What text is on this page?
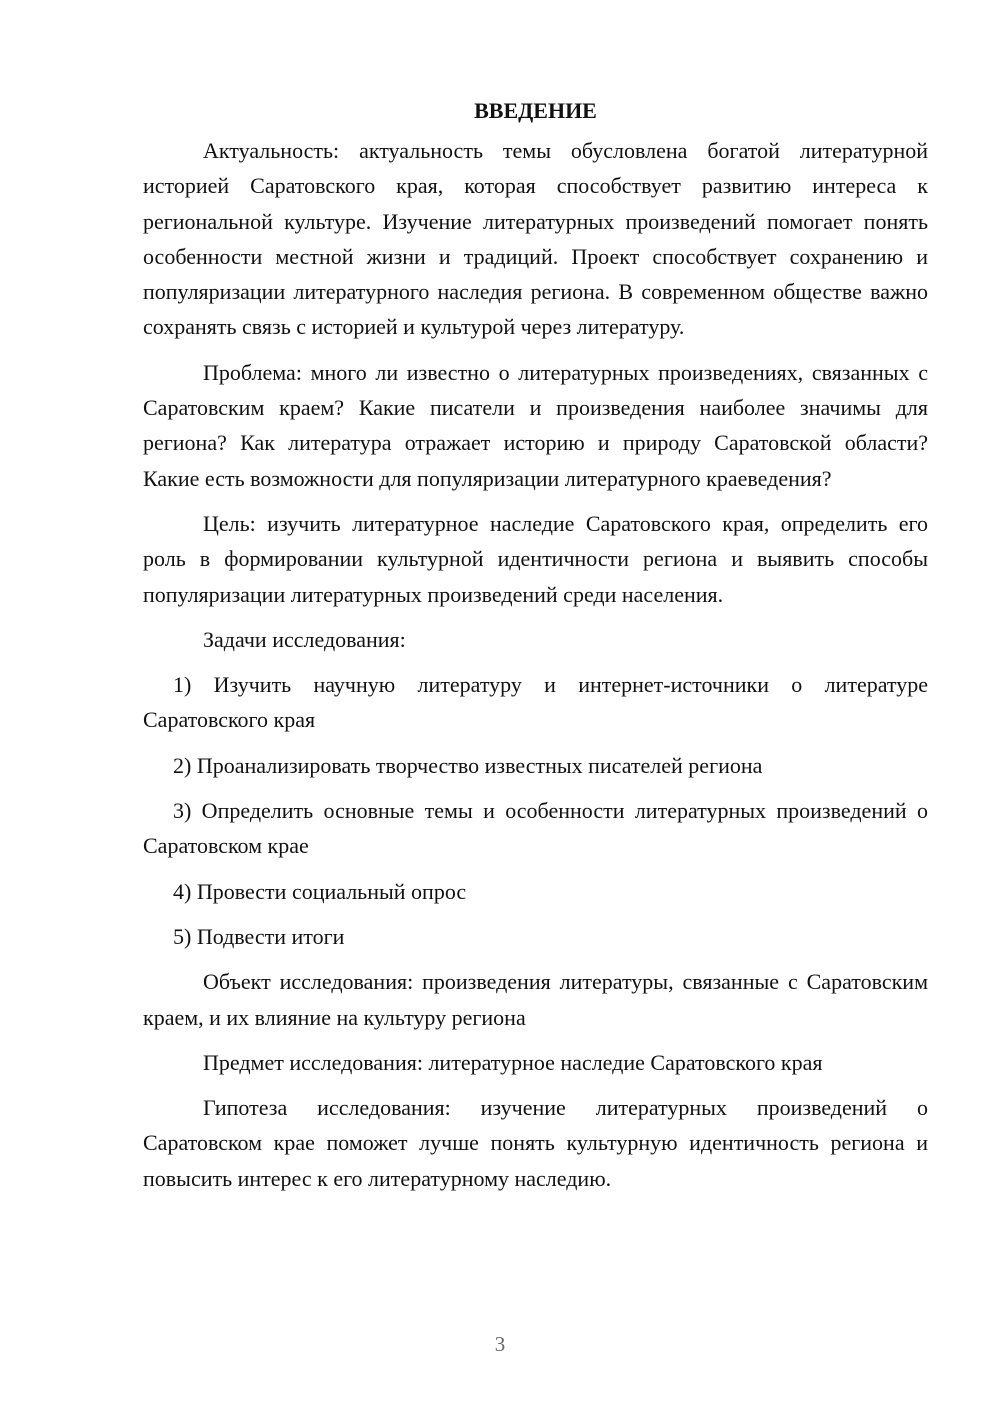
ВВЕДЕНИЕ

Актуальность: актуальность темы обусловлена богатой литературной историей Саратовского края, которая способствует развитию интереса к региональной культуре. Изучение литературных произведений помогает понять особенности местной жизни и традиций. Проект способствует сохранению и популяризации литературного наследия региона. В современном обществе важно сохранять связь с историей и культурой через литературу.

Проблема: много ли известно о литературных произведениях, связанных с Саратовским краем? Какие писатели и произведения наиболее значимы для региона? Как литература отражает историю и природу Саратовской области? Какие есть возможности для популяризации литературного краеведения?

Цель: изучить литературное наследие Саратовского края, определить его роль в формировании культурной идентичности региона и выявить способы популяризации литературных произведений среди населения.

Задачи исследования:

1) Изучить научную литературу и интернет-источники о литературе Саратовского края

2) Проанализировать творчество известных писателей региона

3) Определить основные темы и особенности литературных произведений о Саратовском крае

4) Провести социальный опрос

5) Подвести итоги

Объект исследования: произведения литературы, связанные с Саратовским краем, и их влияние на культуру региона

Предмет исследования: литературное наследие Саратовского края

Гипотеза исследования: изучение литературных произведений о Саратовском крае поможет лучше понять культурную идентичность региона и повысить интерес к его литературному наследию.

3
